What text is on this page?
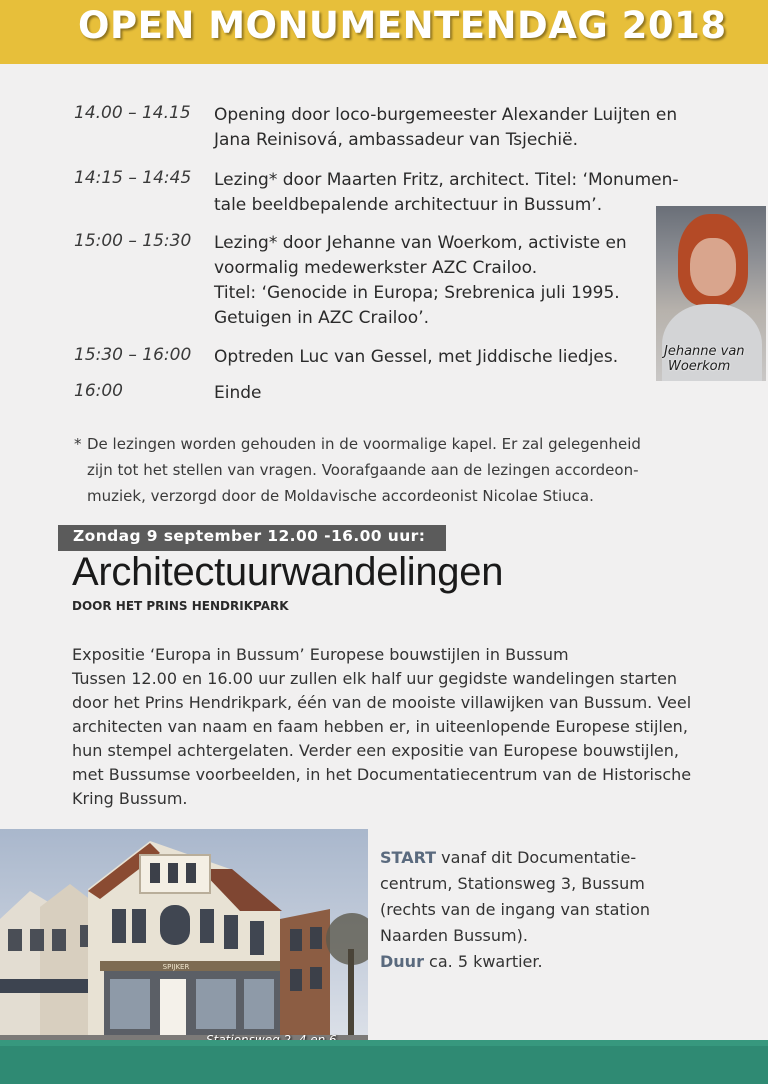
OPEN MONUMENTENDAG 2018
14.00 – 14.15 Opening door loco-burgemeester Alexander Luijten en
Jana Reinisová, ambassadeur van Tsjechië.
14:15 – 14:45 Lezing* door Maarten Fritz, architect. Titel: ‘Monumen-
tale beeldbepalende architectuur in Bussum’.
15:00 – 15:30 Lezing* door Jehanne van Woerkom, activiste en
voormalig medewerkster AZC Crailoo.
Titel: ‘Genocide in Europa; Srebrenica juli 1995.
Getuigen in AZC Crailoo’.
15:30 – 16:00 Optreden Luc van Gessel, met Jiddische liedjes.
16:00	Einde
Jehanne van
Woerkom
* De lezingen worden gehouden in de voormalige kapel. Er zal gelegenheid
zijn tot het stellen van vragen. Voorafgaande aan de lezingen accordeon-
muziek, verzorgd door de Moldavische accordeonist Nicolae Stiuca.
Zondag 9 september 12.00 -16.00 uur:
Architectuurwandelingen
DOOR HET PRINS HENDRIKPARK
Expositie ‘Europa in Bussum’ Europese bouwstijlen in Bussum
Tussen 12.00 en 16.00 uur zullen elk half uur gegidste wandelingen starten
door het Prins Hendrikpark, één van de mooiste villawijken van Bussum. Veel
architecten van naam en faam hebben er, in uiteenlopende Europese stijlen,
hun stempel achtergelaten. Verder een expositie van Europese bouwstijlen,
met Bussumse voorbeelden, in het Documentatiecentrum van de Historische
Kring Bussum.
SPIJKER
START vanaf dit Documentatie-
centrum, Stationsweg 3, Bussum
(rechts van de ingang van station
Naarden Bussum).
Duur ca. 5 kwartier.
